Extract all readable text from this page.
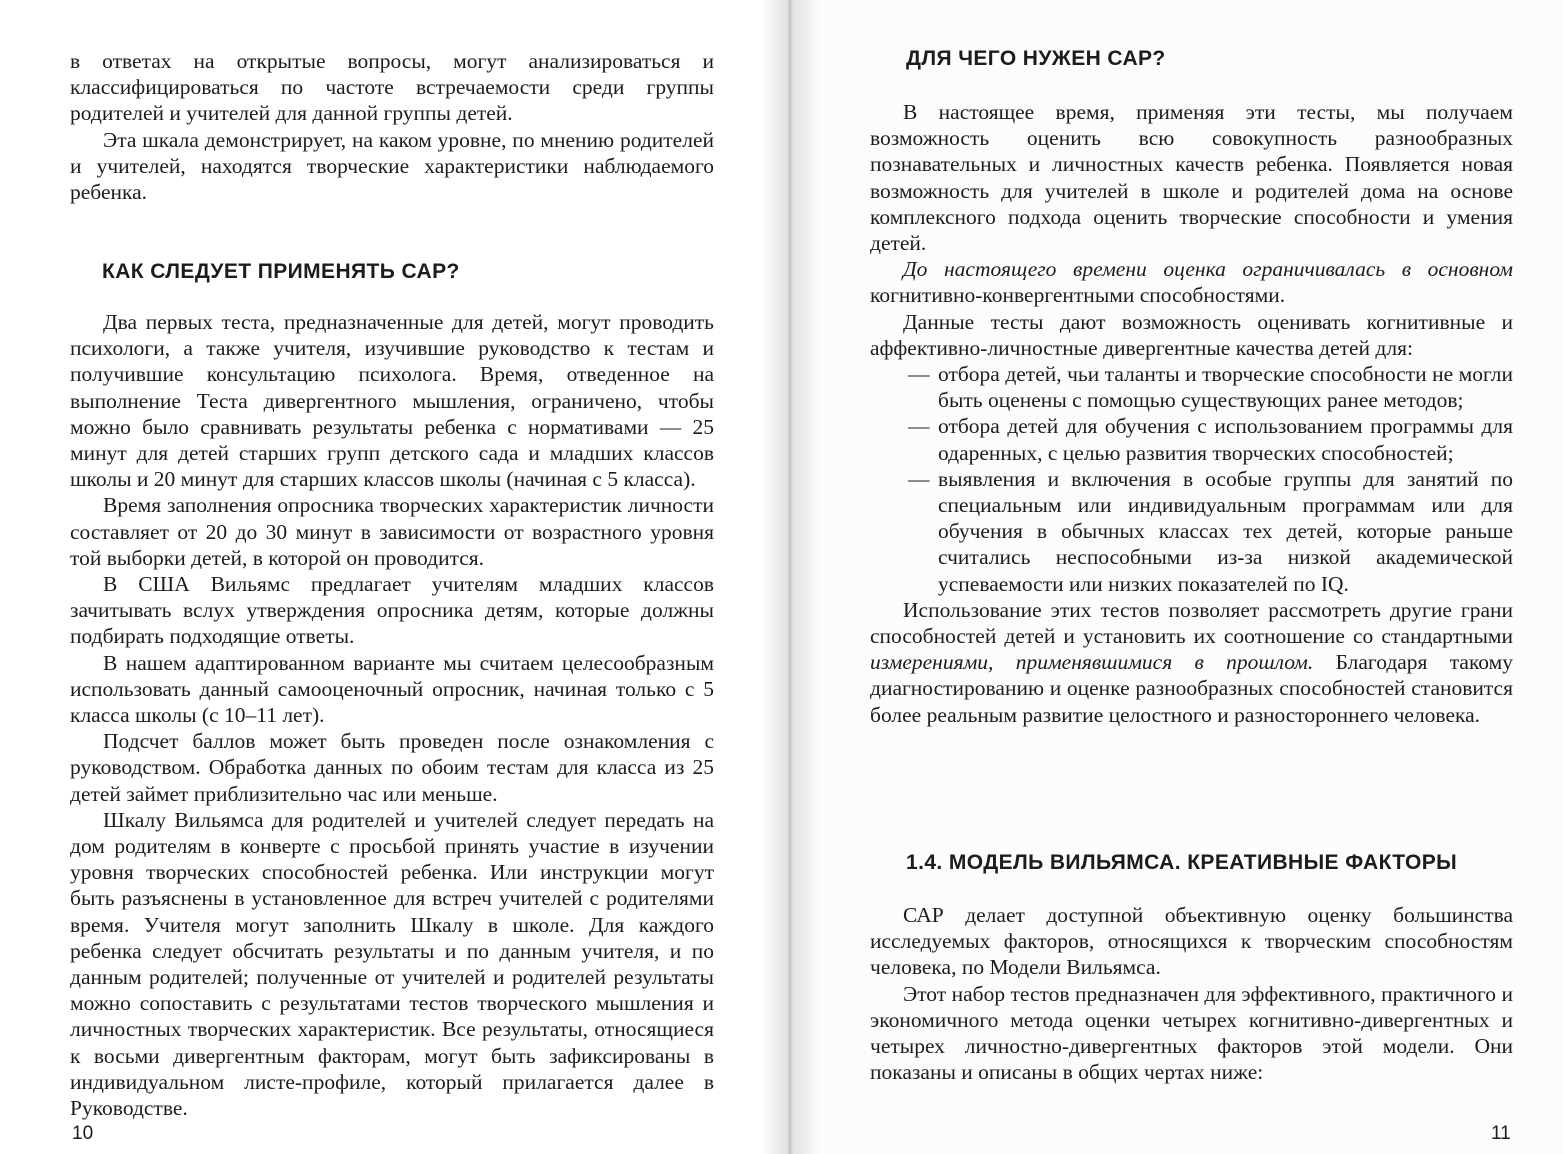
в ответах на открытые вопросы, могут анализироваться и классифицироваться по частоте встречаемости среди группы родителей и учителей для данной группы детей.

Эта шкала демонстрирует, на каком уровне, по мнению родителей и учителей, находятся творческие характеристики наблюдаемого ребенка.

КАК СЛЕДУЕТ ПРИМЕНЯТЬ САР?

Два первых теста, предназначенные для детей, могут проводить психологи, а также учителя, изучившие руководство к тестам и получившие консультацию психолога. Время, отведенное на выполнение Теста дивергентного мышления, ограничено, чтобы можно было сравнивать результаты ребенка с нормативами — 25 минут для детей старших групп детского сада и младших классов школы и 20 минут для старших классов школы (начиная с 5 класса).

Время заполнения опросника творческих характеристик личности составляет от 20 до 30 минут в зависимости от возрастного уровня той выборки детей, в которой он проводится.

В США Вильямс предлагает учителям младших классов зачитывать вслух утверждения опросника детям, которые должны подбирать подходящие ответы.

В нашем адаптированном варианте мы считаем целесообразным использовать данный самооценочный опросник, начиная только с 5 класса школы (с 10–11 лет).

Подсчет баллов может быть проведен после ознакомления с руководством. Обработка данных по обоим тестам для класса из 25 детей займет приблизительно час или меньше.

Шкалу Вильямса для родителей и учителей следует передать на дом родителям в конверте с просьбой принять участие в изучении уровня творческих способностей ребенка. Или инструкции могут быть разъяснены в установленное для встреч учителей с родителями время. Учителя могут заполнить Шкалу в школе. Для каждого ребенка следует обсчитать результаты и по данным учителя, и по данным родителей; полученные от учителей и родителей результаты можно сопоставить с результатами тестов творческого мышления и личностных творческих характеристик. Все результаты, относящиеся к восьми дивергентным факторам, могут быть зафиксированы в индивидуальном листе-профиле, который прилагается далее в Руководстве.

10
ДЛЯ ЧЕГО НУЖЕН САР?

В настоящее время, применяя эти тесты, мы получаем возможность оценить всю совокупность разнообразных познавательных и личностных качеств ребенка. Появляется новая возможность для учителей в школе и родителей дома на основе комплексного подхода оценить творческие способности и умения детей.

До настоящего времени оценка ограничивалась в основном когнитивно-конвергентными способностями.

Данные тесты дают возможность оценивать когнитивные и аффективно-личностные дивергентные качества детей для:

— отбора детей, чьи таланты и творческие способности не могли быть оценены с помощью существующих ранее методов;
— отбора детей для обучения с использованием программы для одаренных, с целью развития творческих способностей;
— выявления и включения в особые группы для занятий по специальным или индивидуальным программам или для обучения в обычных классах тех детей, которые раньше считались неспособными из-за низкой академической успеваемости или низких показателей по IQ.

Использование этих тестов позволяет рассмотреть другие грани способностей детей и установить их соотношение со стандартными измерениями, применявшимися в прошлом. Благодаря такому диагностированию и оценке разнообразных способностей становится более реальным развитие целостного и разностороннего человека.

1.4. МОДЕЛЬ ВИЛЬЯМСА. КРЕАТИВНЫЕ ФАКТОРЫ

САР делает доступной объективную оценку большинства исследуемых факторов, относящихся к творческим способностям человека, по Модели Вильямса.

Этот набор тестов предназначен для эффективного, практичного и экономичного метода оценки четырех когнитивно-дивергентных и четырех личностно-дивергентных факторов этой модели. Они показаны и описаны в общих чертах ниже:

11
